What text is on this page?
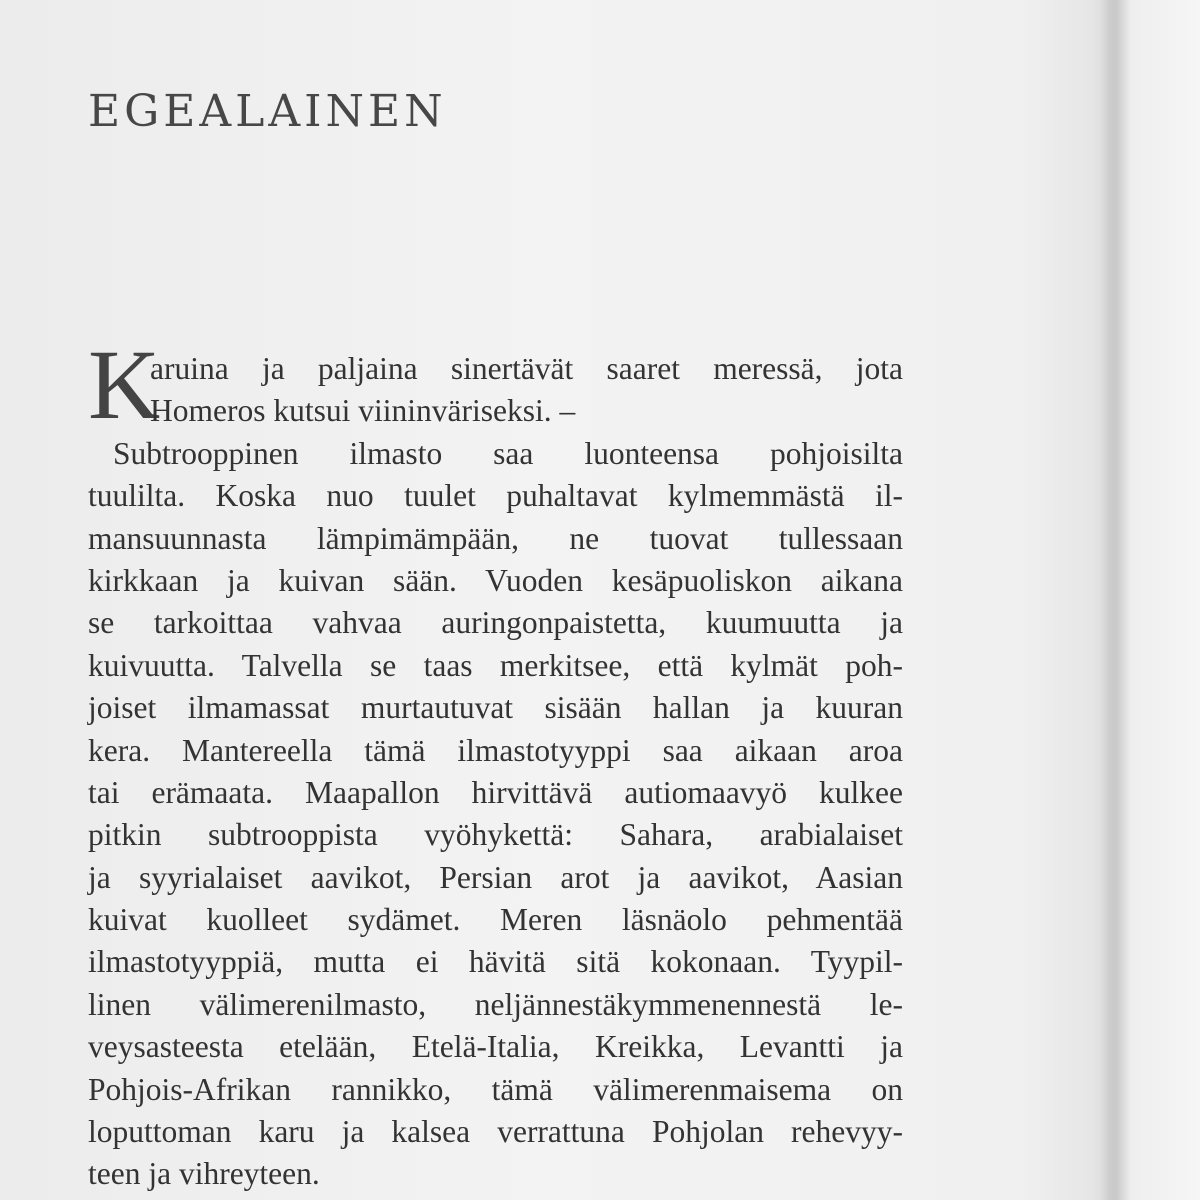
EGEALAINEN
K
aruina ja paljaina sinertävät saaret meressä, jota
Homeros kutsui viininväriseksi. –
Subtrooppinen ilmasto saa luonteensa pohjoisilta
tuulilta. Koska nuo tuulet puhaltavat kylmemmästä il-
mansuunnasta lämpimämpään, ne tuovat tullessaan
kirkkaan ja kuivan sään. Vuoden kesäpuoliskon aikana
se tarkoittaa vahvaa auringonpaistetta, kuumuutta ja
kuivuutta. Talvella se taas merkitsee, että kylmät poh-
joiset ilmamassat murtautuvat sisään hallan ja kuuran
kera. Mantereella tämä ilmastotyyppi saa aikaan aroa
tai erämaata. Maapallon hirvittävä autiomaavyö kulkee
pitkin subtrooppista vyöhykettä: Sahara, arabialaiset
ja syyrialaiset aavikot, Persian arot ja aavikot, Aasian
kuivat kuolleet sydämet. Meren läsnäolo pehmentää
ilmastotyyppiä, mutta ei hävitä sitä kokonaan. Tyypil-
linen välimerenilmasto, neljännestäkymmenennestä le-
veysasteesta etelään, Etelä-Italia, Kreikka, Levantti ja
Pohjois-Afrikan rannikko, tämä välimerenmaisema on
loputtoman karu ja kalsea verrattuna Pohjolan rehevyy-
teen ja vihreyteen.
